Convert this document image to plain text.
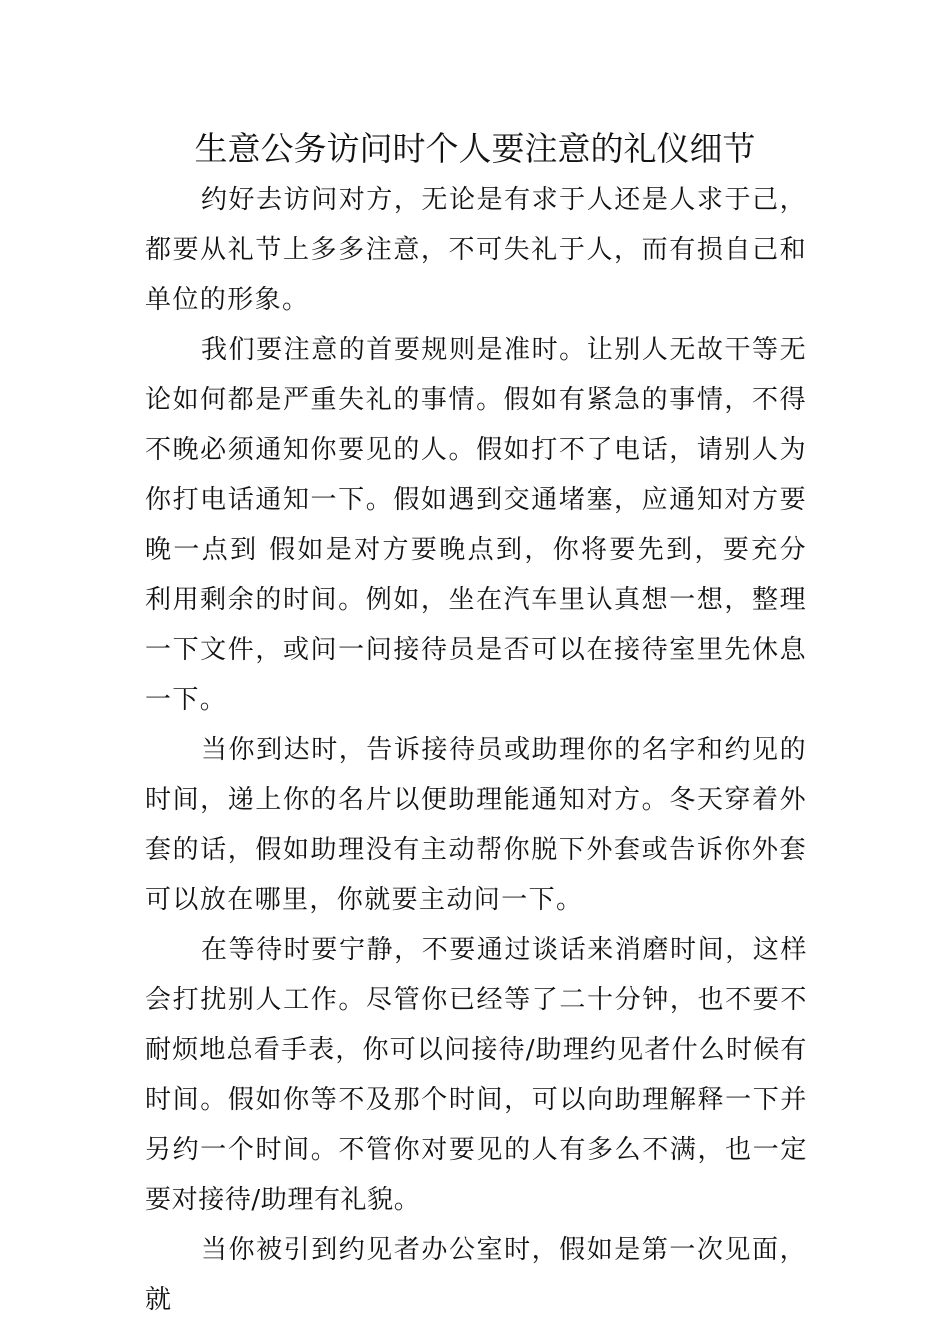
生意公务访问时个人要注意的礼仪细节

约好去访问对方，无论是有求于人还是人求于己，都要从礼节上多多注意，不可失礼于人，而有损自己和单位的形象。

我们要注意的首要规则是准时。让别人无故干等无论如何都是严重失礼的事情。假如有紧急的事情，不得不晚必须通知你要见的人。假如打不了电话，请别人为你打电话通知一下。假如遇到交通堵塞，应通知对方要晚一点到 假如是对方要晚点到，你将要先到，要充分利用剩余的时间。例如，坐在汽车里认真想一想，整理一下文件，或问一问接待员是否可以在接待室里先休息一下。

当你到达时，告诉接待员或助理你的名字和约见的时间，递上你的名片以便助理能通知对方。冬天穿着外套的话，假如助理没有主动帮你脱下外套或告诉你外套可以放在哪里，你就要主动问一下。

在等待时要宁静，不要通过谈话来消磨时间，这样会打扰别人工作。尽管你已经等了二十分钟，也不要不耐烦地总看手表，你可以问接待/助理约见者什么时候有时间。假如你等不及那个时间，可以向助理解释一下并另约一个时间。不管你对要见的人有多么不满，也一定要对接待/助理有礼貌。

当你被引到约见者办公室时，假如是第一次见面，就
